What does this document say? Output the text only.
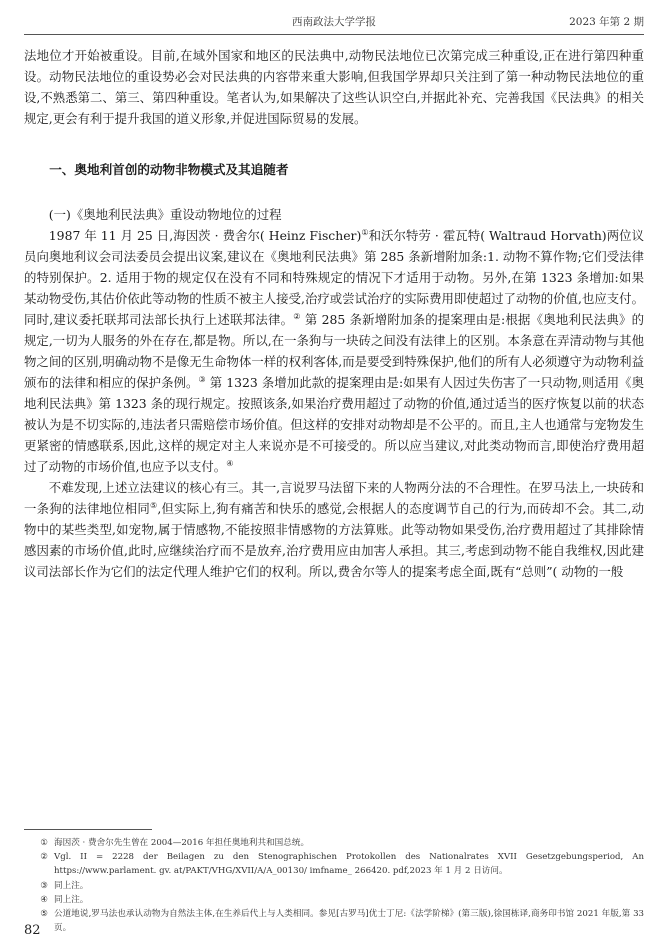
西南政法大学学报	2023 年第 2 期

法地位才开始被重设。目前,在域外国家和地区的民法典中,动物民法地位已次第完成三种重设,正在进行第四种重设。动物民法地位的重设势必会对民法典的内容带来重大影响,但我国学界却只关注到了第一种动物民法地位的重设,不熟悉第二、第三、第四种重设。笔者认为,如果解决了这些认识空白,并据此补充、完善我国《民法典》的相关规定,更会有利于提升我国的道义形象,并促进国际贸易的发展。

一、奥地利首创的动物非物模式及其追随者

(一)《奥地利民法典》重设动物地位的过程

1987 年 11 月 25 日,海因茨 · 费舍尔( Heinz Fischer)①和沃尔特劳 · 霍瓦特( Waltraud Horvath)两位议员向奥地利议会司法委员会提出议案,建议在《奥地利民法典》第 285 条新增附加条:1. 动物不算作物;它们受法律的特别保护。2. 适用于物的规定仅在没有不同和特殊规定的情况下才适用于动物。另外,在第 1323 条增加:如果某动物受伤,其估价依此等动物的性质不被主人接受,治疗或尝试治疗的实际费用即使超过了动物的价值,也应支付。同时,建议委托联邦司法部长执行上述联邦法律。② 第 285 条新增附加条的提案理由是:根据《奥地利民法典》的规定,一切为人服务的外在存在,都是物。所以,在一条狗与一块砖之间没有法律上的区别。本条意在弄清动物与其他物之间的区别,明确动物不是像无生命物体一样的权利客体,而是要受到特殊保护,他们的所有人必须遵守为动物利益颁布的法律和相应的保护条例。③ 第 1323 条增加此款的提案理由是:如果有人因过失伤害了一只动物,则适用《奥地利民法典》第 1323 条的现行规定。按照该条,如果治疗费用超过了动物的价值,通过适当的医疗恢复以前的状态被认为是不切实际的,违法者只需赔偿市场价值。但这样的安排对动物却是不公平的。而且,主人也通常与宠物发生更紧密的情感联系,因此,这样的规定对主人来说亦是不可接受的。所以应当建议,对此类动物而言,即使治疗费用超过了动物的市场价值,也应予以支付。④

不难发现,上述立法建议的核心有三。其一,言说罗马法留下来的人物两分法的不合理性。在罗马法上,一块砖和一条狗的法律地位相同⑤,但实际上,狗有痛苦和快乐的感觉,会根据人的态度调节自己的行为,而砖却不会。其二,动物中的某些类型,如宠物,属于情感物,不能按照非情感物的方法算账。此等动物如果受伤,治疗费用超过了其排除情感因素的市场价值,此时,应继续治疗而不是放弃,治疗费用应由加害人承担。其三,考虑到动物不能自我维权,因此建议司法部长作为它们的法定代理人维护它们的权利。所以,费舍尔等人的提案考虑全面,既有“总则”( 动物的一般

① 海因茨 · 费舍尔先生曾在 2004—2016 年担任奥地利共和国总统。
② Vgl. II = 2228 der Beilagen zu den Stenographischen Protokollen des Nationalrates XVII Gesetzgebungsperiod, An https://www.parlament. gv. at/PAKT/VHG/XVII/A/A_00130/ imfname_ 266420. pdf,2023 年 1 月 2 日访问。
③ 同上注。
④ 同上注。
⑤ 公道地说,罗马法也承认动物为自然法主体,在生养后代上与人类相同。参见[古罗马]优士丁尼:《法学阶梯》(第三版),徐国栋译,商务印书馆 2021 年版,第 33 页。
82
